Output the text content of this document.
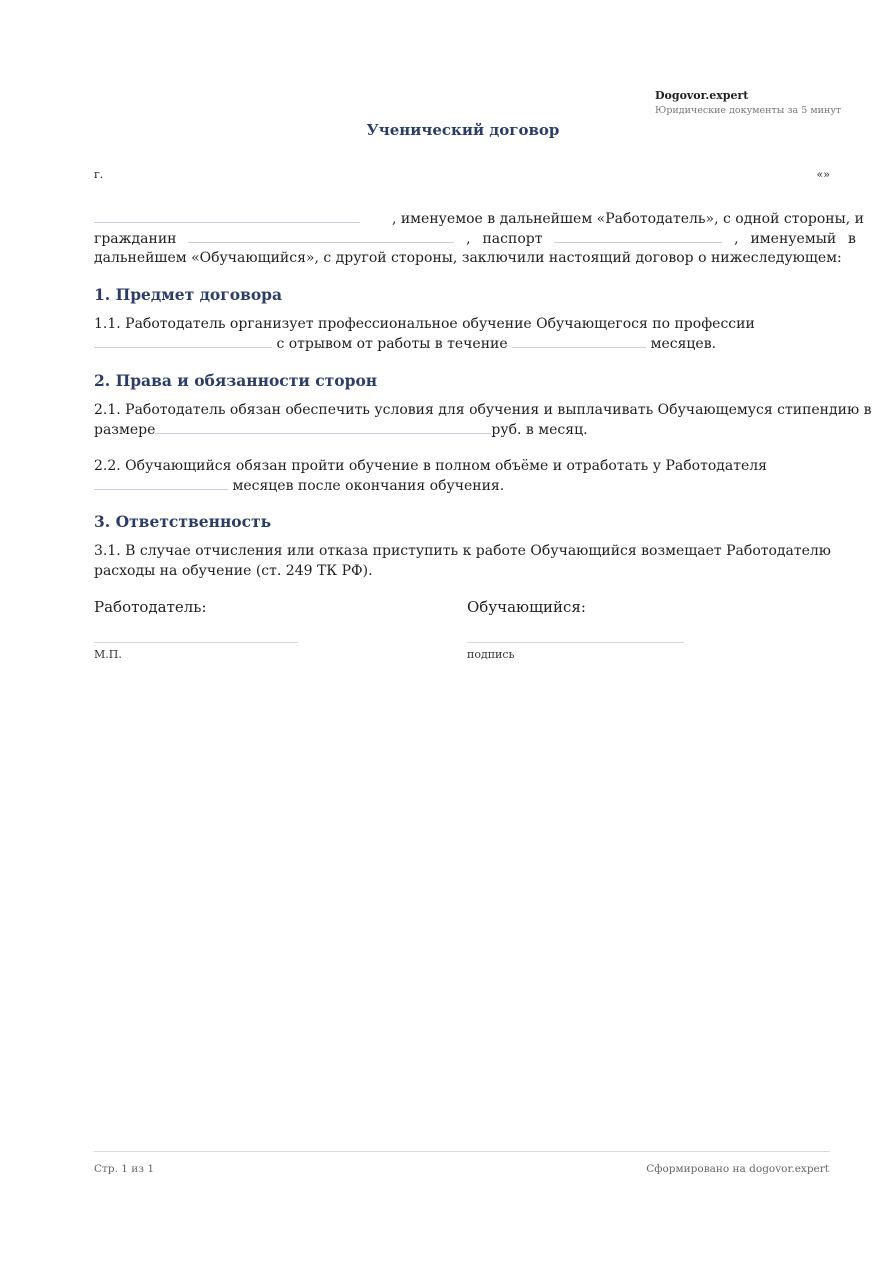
Dogovor.expert
Юридические документы за 5 минут
Ученический договор
г.	«»
, именуемое в дальнейшем «Работодатель», с одной стороны, и
гражданин	, паспорт	, именуемый в
дальнейшем «Обучающийся», с другой стороны, заключили настоящий договор о нижеследующем:
1. Предмет договора
1.1. Работодатель организует профессиональное обучение Обучающегося по профессии
с отрывом от работы в течение	месяцев.
2. Права и обязанности сторон
2.1. Работодатель обязан обеспечить условия для обучения и выплачивать Обучающемуся стипендию в
размере	руб. в месяц.
2.2. Обучающийся обязан пройти обучение в полном объёме и отработать у Работодателя
месяцев после окончания обучения.
3. Ответственность
3.1. В случае отчисления или отказа приступить к работе Обучающийся возмещает Работодателю
расходы на обучение (ст. 249 ТК РФ).
Работодатель:
М.П.
Обучающийся:
подпись
Стр. 1 из 1	Сформировано на dogovor.expert
